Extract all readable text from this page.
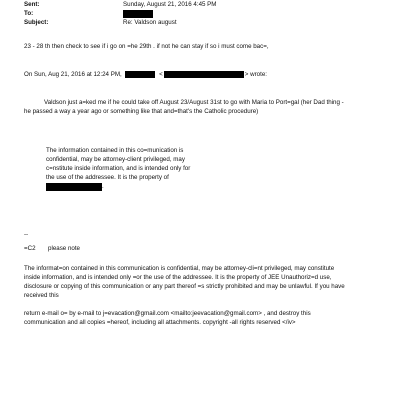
Sent:	Sunday, August 21, 2016 4:45 PM
To:
Subject:	Re: Valdson august
23 - 28 th then check to see if i go on =he 29th . if not he can stay if so i must come bac=,
On Sun, Aug 21, 2016 at 12:24 PM,	<	> wrote:
Valdson just a=ked me if he could take off August 23/August 31st to go with Maria to Port=gal (her Dad thing -
he passed a way a year ago or something like that and=that's the Catholic procedure)
The information contained in this co=munication is
confidential, may be attorney-client privileged, may
c=nstitute inside information, and is intended only for
the use of the addressee. It is the property of
.
--
=C2 please note
The informat=on contained in this communication is confidential, may be attorney-cli=nt privileged, may constitute
inside information, and is intended only =or the use of the addressee. It is the property of JEE Unauthoriz=d use,
disclosure or copying of this communication or any part thereof =s strictly prohibited and may be unlawful. If you have
received this
return e-mail o= by e-mail to j=evacation@gmail.com <mailto:jeevacation@gmail.com> , and destroy this
communication and all copies =hereof, including all attachments. copyright -all rights reserved </iv>
